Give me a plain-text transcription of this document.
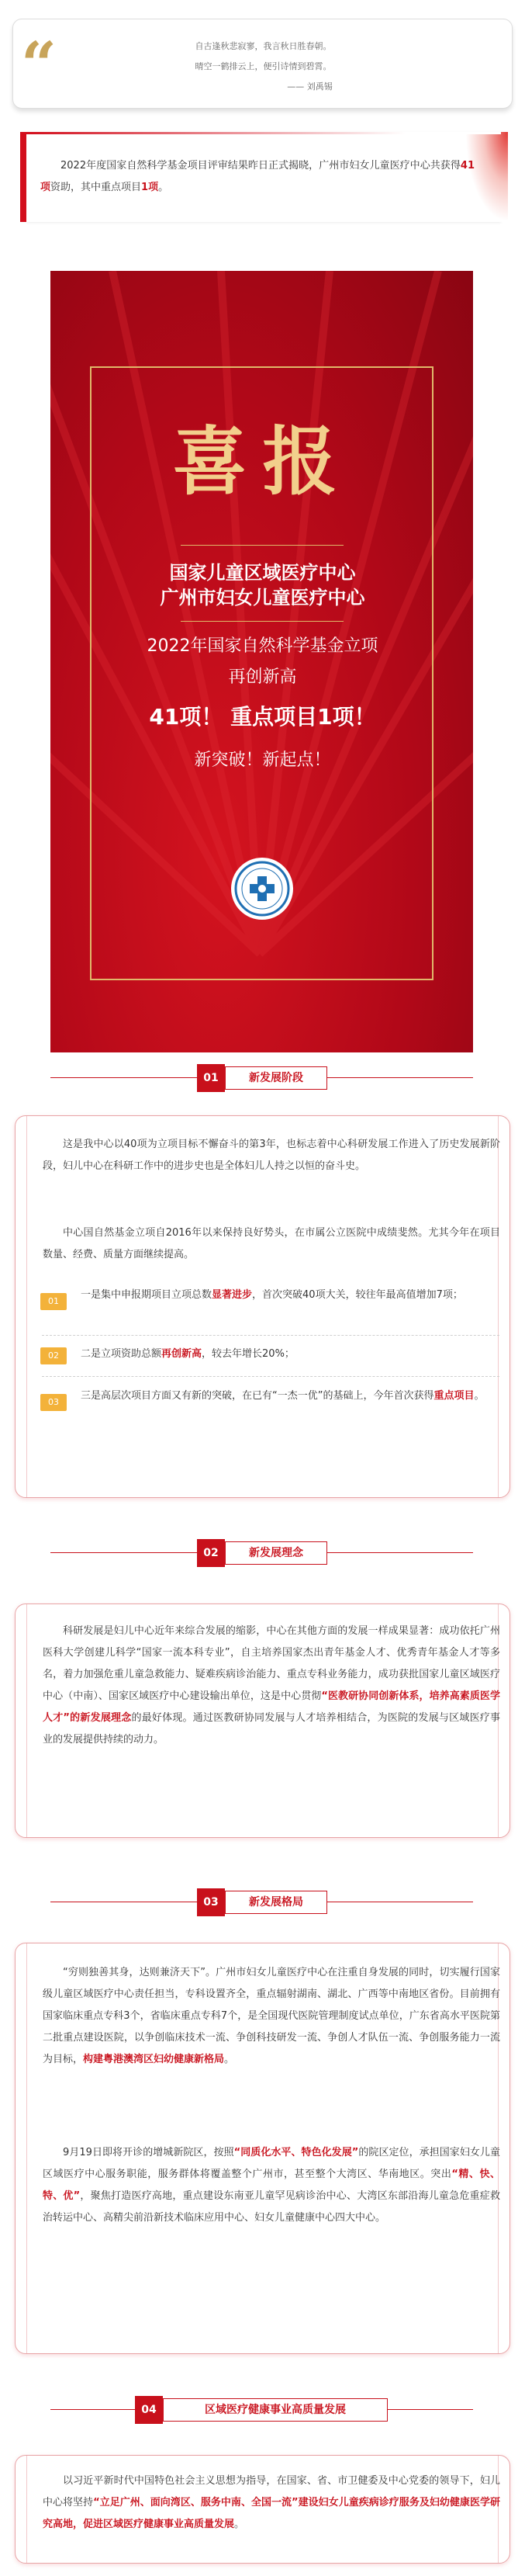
“	自古逢秋悲寂寥，我言秋日胜春朝。
晴空一鹤排云上，便引诗情到碧霄。
—— 刘禹锡

2022年度国家自然科学基金项目评审结果昨日正式揭晓，广州市妇女儿童医疗中心共获得41项资助，其中重点项目1项。

喜报
国家儿童区域医疗中心
广州市妇女儿童医疗中心
2022年国家自然科学基金立项
再创新高
41项！ 重点项目1项！
新突破！新起点！
01	新发展阶段

这是我中心以40项为立项目标不懈奋斗的第3年，也标志着中心科研发展工作进入了历史发展新阶段，妇儿中心在科研工作中的进步史也是全体妇儿人持之以恒的奋斗史。

中心国自然基金立项自2016年以来保持良好势头，在市属公立医院中成绩斐然。尤其今年在项目数量、经费、质量方面继续提高。

01
一是集中申报期项目立项总数显著进步，首次突破40项大关，较往年最高值增加7项；
02	二是立项资助总额再创新高，较去年增长20%；
03
三是高层次项目方面又有新的突破，在已有“一杰一优”的基础上，今年首次获得重点项目。
02	新发展理念

科研发展是妇儿中心近年来综合发展的缩影，中心在其他方面的发展一样成果显著：成功依托广州医科大学创建儿科学“国家一流本科专业”，自主培养国家杰出青年基金人才、优秀青年基金人才等多名，着力加强危重儿童急救能力、疑难疾病诊治能力、重点专科业务能力，成功获批国家儿童区域医疗中心（中南）、国家区域医疗中心建设输出单位，这是中心贯彻“医教研协同创新体系，培养高素质医学人才”的新发展理念的最好体现。通过医教研协同发展与人才培养相结合，为医院的发展与区域医疗事业的发展提供持续的动力。

03	新发展格局

“穷则独善其身，达则兼济天下”。广州市妇女儿童医疗中心在注重自身发展的同时，切实履行国家级儿童区域医疗中心责任担当，专科设置齐全，重点辐射湖南、湖北、广西等中南地区省份。目前拥有国家临床重点专科3个，省临床重点专科7个，是全国现代医院管理制度试点单位，广东省高水平医院第二批重点建设医院，以争创临床技术一流、争创科技研发一流、争创人才队伍一流、争创服务能力一流为目标，构建粤港澳湾区妇幼健康新格局。

9月19日即将开诊的增城新院区，按照“同质化水平、特色化发展”的院区定位，承担国家妇女儿童区域医疗中心服务职能，服务群体将覆盖整个广州市，甚至整个大湾区、华南地区。突出“精、快、特、优”，聚焦打造医疗高地，重点建设东南亚儿童罕见病诊治中心、大湾区东部沿海儿童急危重症救治转运中心、高精尖前沿新技术临床应用中心、妇女儿童健康中心四大中心。

04	区域医疗健康事业高质量发展

以习近平新时代中国特色社会主义思想为指导，在国家、省、市卫健委及中心党委的领导下，妇儿中心将坚持“立足广州、面向湾区、服务中南、全国一流”建设妇女儿童疾病诊疗服务及妇幼健康医学研究高地，促进区域医疗健康事业高质量发展。
